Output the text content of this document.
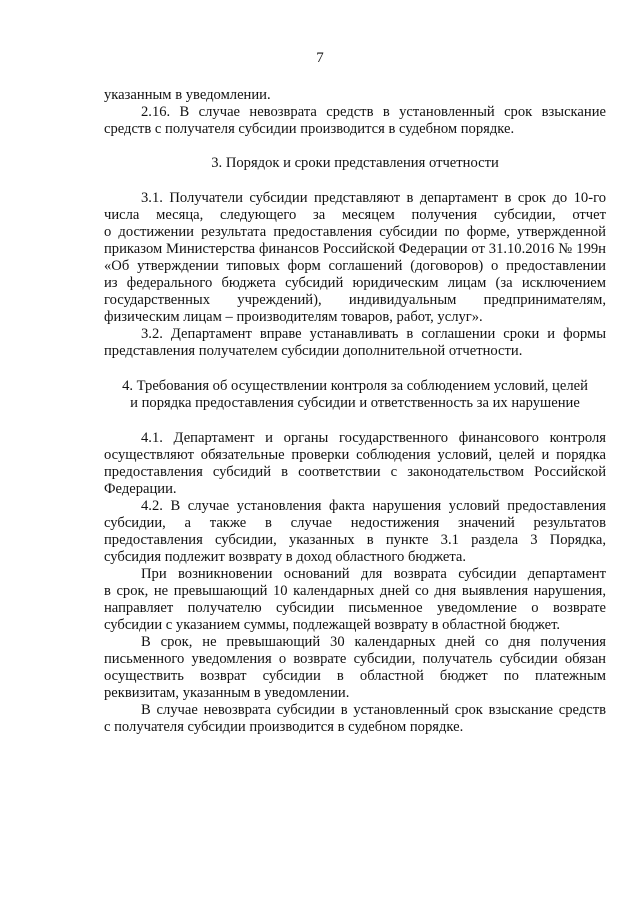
7
указанным в уведомлении.
2.16. В случае невозврата средств в установленный срок взыскание
средств с получателя субсидии производится в судебном порядке.
3. Порядок и сроки представления отчетности
3.1. Получатели субсидии представляют в департамент в срок до 10-го
числа месяца, следующего за месяцем получения субсидии, отчет
о достижении результата предоставления субсидии по форме, утвержденной
приказом Министерства финансов Российской Федерации от 31.10.2016 № 199н
«Об утверждении типовых форм соглашений (договоров) о предоставлении
из федерального бюджета субсидий юридическим лицам (за исключением
государственных учреждений), индивидуальным предпринимателям,
физическим лицам – производителям товаров, работ, услуг».
3.2. Департамент вправе устанавливать в соглашении сроки и формы
представления получателем субсидии дополнительной отчетности.
4. Требования об осуществлении контроля за соблюдением условий, целей
и порядка предоставления субсидии и ответственность за их нарушение
4.1. Департамент и органы государственного финансового контроля
осуществляют обязательные проверки соблюдения условий, целей и порядка
предоставления субсидий в соответствии с законодательством Российской
Федерации.
4.2. В случае установления факта нарушения условий предоставления
субсидии, а также в случае недостижения значений результатов
предоставления субсидии, указанных в пункте 3.1 раздела 3 Порядка,
субсидия подлежит возврату в доход областного бюджета.
При возникновении оснований для возврата субсидии департамент
в срок, не превышающий 10 календарных дней со дня выявления нарушения,
направляет получателю субсидии письменное уведомление о возврате
субсидии с указанием суммы, подлежащей возврату в областной бюджет.
В срок, не превышающий 30 календарных дней со дня получения
письменного уведомления о возврате субсидии, получатель субсидии обязан
осуществить возврат субсидии в областной бюджет по платежным
реквизитам, указанным в уведомлении.
В случае невозврата субсидии в установленный срок взыскание средств
с получателя субсидии производится в судебном порядке.
